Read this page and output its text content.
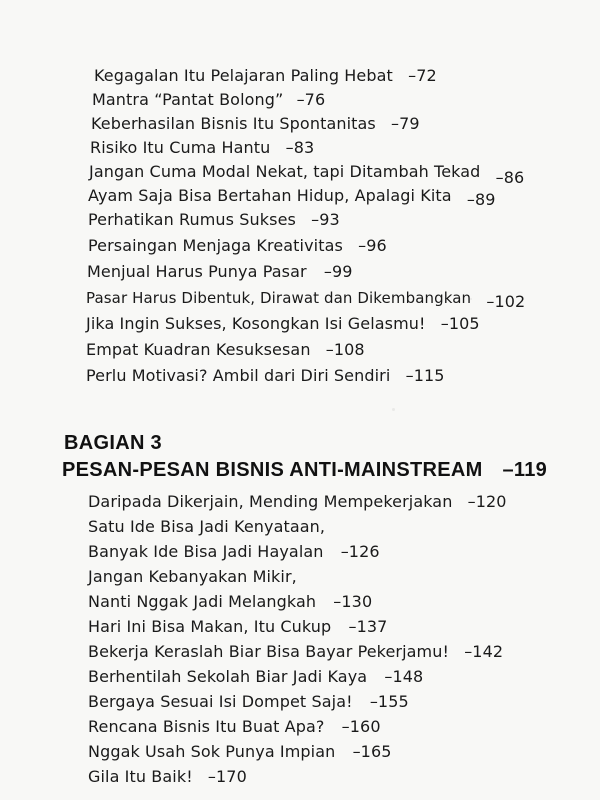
Kegagalan Itu Pelajaran Paling Hebat –72
Mantra “Pantat Bolong” –76
Keberhasilan Bisnis Itu Spontanitas –79
Risiko Itu Cuma Hantu –83
Jangan Cuma Modal Nekat, tapi Ditambah Tekad –86
Ayam Saja Bisa Bertahan Hidup, Apalagi Kita –89
Perhatikan Rumus Sukses –93
Persaingan Menjaga Kreativitas –96
Menjual Harus Punya Pasar –99
Pasar Harus Dibentuk, Dirawat dan Dikembangkan –102
Jika Ingin Sukses, Kosongkan Isi Gelasmu! –105
Empat Kuadran Kesuksesan –108
Perlu Motivasi? Ambil dari Diri Sendiri –115
BAGIAN 3
PESAN-PESAN BISNIS ANTI-MAINSTREAM –119
Daripada Dikerjain, Mending Mempekerjakan –120
Satu Ide Bisa Jadi Kenyataan,
Banyak Ide Bisa Jadi Hayalan –126
Jangan Kebanyakan Mikir,
Nanti Nggak Jadi Melangkah –130
Hari Ini Bisa Makan, Itu Cukup –137
Bekerja Keraslah Biar Bisa Bayar Pekerjamu! –142
Berhentilah Sekolah Biar Jadi Kaya –148
Bergaya Sesuai Isi Dompet Saja! –155
Rencana Bisnis Itu Buat Apa? –160
Nggak Usah Sok Punya Impian –165
Gila Itu Baik! –170
